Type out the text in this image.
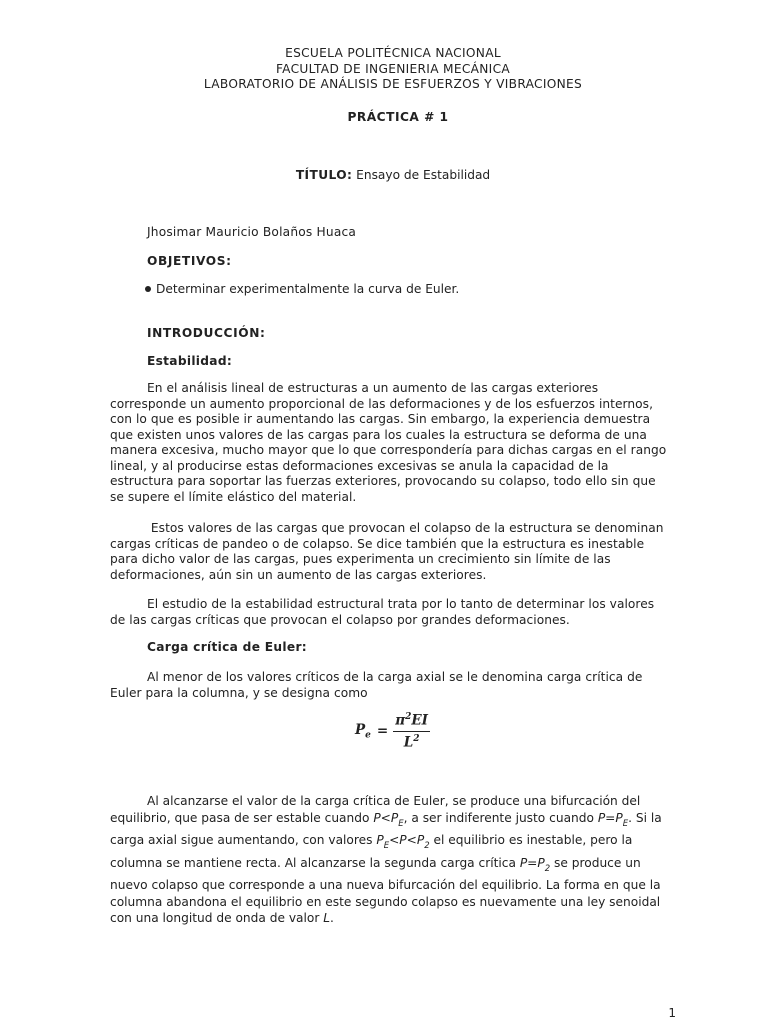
ESCUELA POLITÉCNICA NACIONAL
FACULTAD DE INGENIERIA MECÁNICA
LABORATORIO DE ANÁLISIS DE ESFUERZOS Y VIBRACIONES
PRÁCTICA # 1
TÍTULO: Ensayo de Estabilidad
Jhosimar Mauricio Bolaños Huaca
OBJETIVOS:
Determinar experimentalmente la curva de Euler.
INTRODUCCIÓN:
Estabilidad:
En el análisis lineal de estructuras a un aumento de las cargas exteriores corresponde un aumento proporcional de las deformaciones y de los esfuerzos internos, con lo que es posible ir aumentando las cargas. Sin embargo, la experiencia demuestra que existen unos valores de las cargas para los cuales la estructura se deforma de una manera excesiva, mucho mayor que lo que correspondería para dichas cargas en el rango lineal, y al producirse estas deformaciones excesivas se anula la capacidad de la estructura para soportar las fuerzas exteriores, provocando su colapso, todo ello sin que se supere el límite elástico del material.
Estos valores de las cargas que provocan el colapso de la estructura se denominan cargas críticas de pandeo o de colapso. Se dice también que la estructura es inestable para dicho valor de las cargas, pues experimenta un crecimiento sin límite de las deformaciones, aún sin un aumento de las cargas exteriores.
El estudio de la estabilidad estructural trata por lo tanto de determinar los valores de las cargas críticas que provocan el colapso por grandes deformaciones.
Carga crítica de Euler:
Al menor de los valores críticos de la carga axial se le denomina carga crítica de Euler para la columna, y se designa como
$P_e = \frac{\pi^2EI}{L^2}$
Al alcanzarse el valor de la carga crítica de Euler, se produce una bifurcación del equilibrio, que pasa de ser estable cuando $P<P_E$, a ser indiferente justo cuando $P=P_E$. Si la carga axial sigue aumentando, con valores $P_E<P<P_2$ el equilibrio es inestable, pero la columna se mantiene recta. Al alcanzarse la segunda carga crítica $P=P_2$ se produce un nuevo colapso que corresponde a una nueva bifurcación del equilibrio. La forma en que la columna abandona el equilibrio en este segundo colapso es nuevamente una ley senoidal con una longitud de onda de valor L.
1
